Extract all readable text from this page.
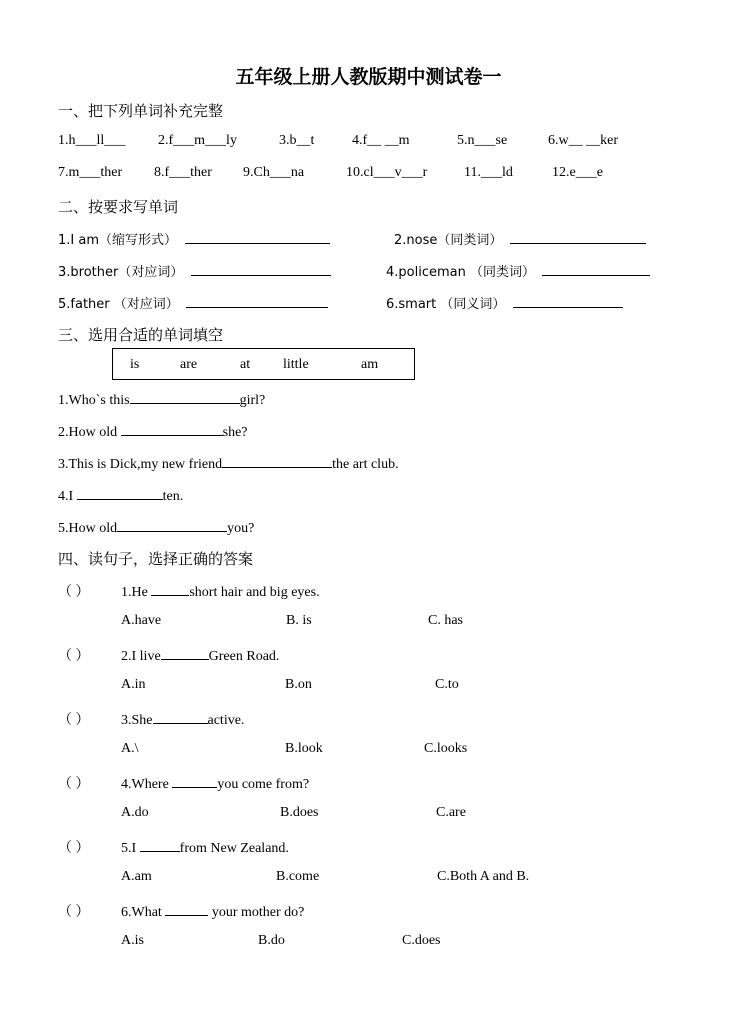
五年级上册人教版期中测试卷一
一、把下列单词补充完整
1.h___ll___ 2.f___m___ly	3.b__t	4.f__ __m	5.n___se	6.w__ __ker
7.m___ther 8.f___ther 9.Ch___na	10.cl___v___r	11.___ld	12.e___e
二、按要求写单词
1.I am（缩写形式）	2.nose（同类词）
3.brother（对应词）	4.policeman （同类词）
5.father （对应词）	6.smart （同义词）
三、选用合适的单词填空
is	are	at little	am
1.Who`s this	girl?
2.How old	she?
3.This is Dick,my new friend	the art club.
4.I	ten.
5.How old	you?
四、读句子，选择正确的答案
（ ） 1.He	short hair and big eyes.
A.have	B. is	C. has
（ ） 2.I live	Green Road.
A.in	B.on	C.to
（ ） 3.She	active.
A.\	B.look	C.looks
（ ） 4.Where	you come from?
A.do	B.does	C.are
（ ） 5.I	from New Zealand.
A.am	B.come	C.Both A and B.
（ ） 6.What	your mother do?
A.is	B.do	C.does
